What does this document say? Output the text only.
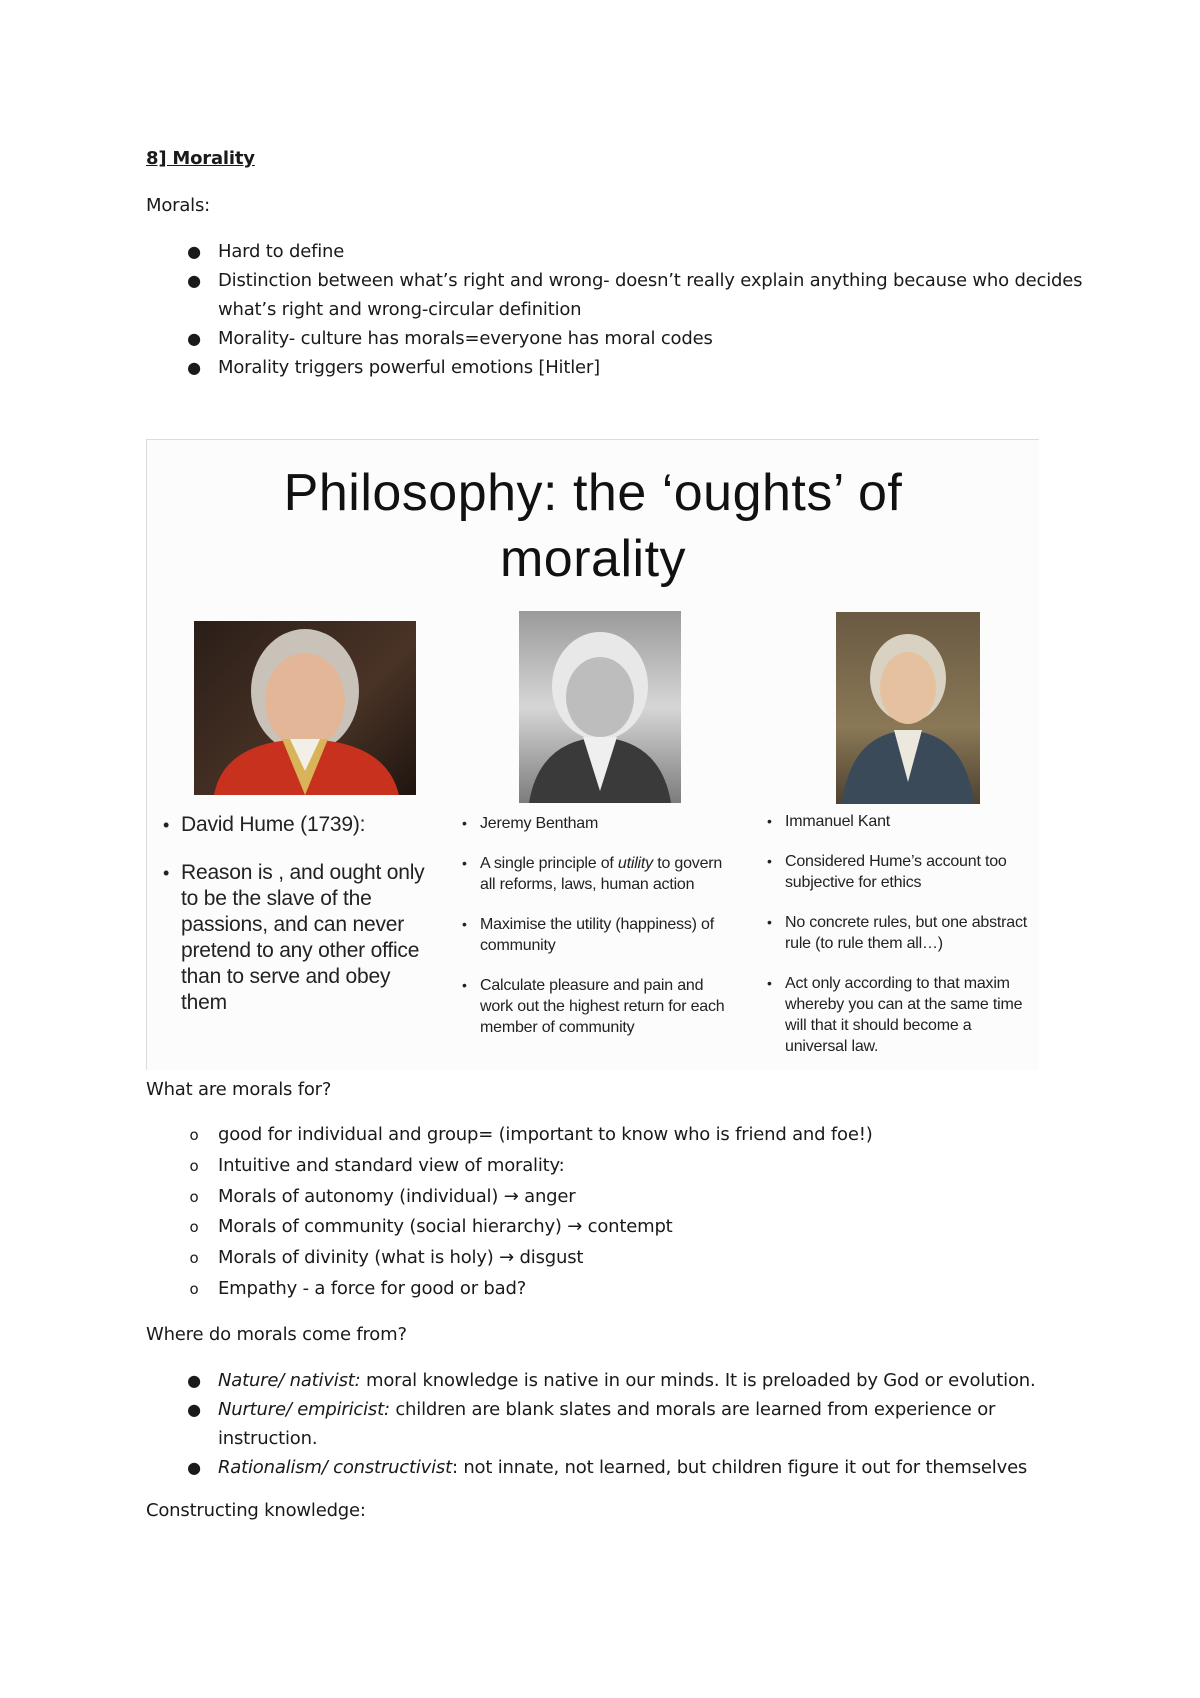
8] Morality
Morals:
● Hard to define
● Distinction between what’s right and wrong- doesn’t really explain anything because who decides what’s right and wrong-circular definition
● Morality- culture has morals=everyone has moral codes
● Morality triggers powerful emotions [Hitler]
Philosophy: the ‘oughts’ of
morality
• David Hume (1739):
• Reason is , and ought only to be the slave of the passions, and can never pretend to any other office than to serve and obey them
• Jeremy Bentham
• A single principle of utility to govern all reforms, laws, human action
• Maximise the utility (happiness) of community
• Calculate pleasure and pain and work out the highest return for each member of community
• Immanuel Kant
• Considered Hume’s account too subjective for ethics
• No concrete rules, but one abstract rule (to rule them all…)
• Act only according to that maxim whereby you can at the same time will that it should become a universal law.
What are morals for?
o	good for individual and group= (important to know who is friend and foe!)
o	Intuitive and standard view of morality:
o	Morals of autonomy (individual) → anger
o	Morals of community (social hierarchy) → contempt
o	Morals of divinity (what is holy) → disgust
o	Empathy - a force for good or bad?
Where do morals come from?
● Nature/ nativist: moral knowledge is native in our minds. It is preloaded by God or evolution.
● Nurture/ empiricist: children are blank slates and morals are learned from experience or instruction.
● Rationalism/ constructivist: not innate, not learned, but children figure it out for themselves
Constructing knowledge:
